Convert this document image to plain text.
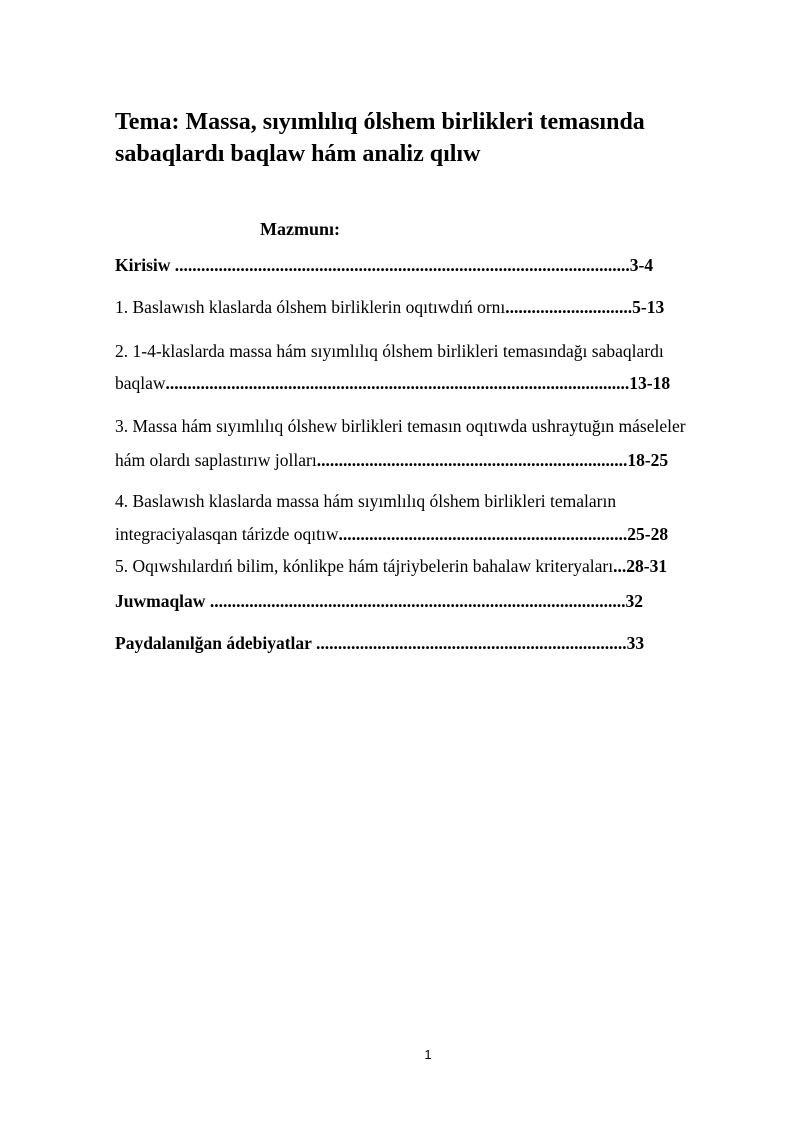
Tema: Massa, sıyımlılıq ólshem birlikleri temasında
sabaqlardı baqlaw hám analiz qılıw
Mazmunı:
Kirisiw ........................................................................................................3-4
1. Baslawısh klaslarda ólshem birliklerin oqıtıwdıń ornı.............................5-13
2. 1-4-klaslarda massa hám sıyımlılıq ólshem birlikleri temasındağı sabaqlardı
baqlaw..........................................................................................................13-18
3. Massa hám sıyımlılıq ólshew birlikleri temasın oqıtıwda ushraytuğın máseleler
hám olardı saplastırıw jolları.......................................................................18-25
4. Baslawısh klaslarda massa hám sıyımlılıq ólshem birlikleri temaların
integraciyalasqan tárizde oqıtıw..................................................................25-28
5. Oqıwshılardıń bilim, kónlikpe hám tájriybelerin bahalaw kriteryaları...28-31
Juwmaqlaw ...............................................................................................32
Paydalanılğan ádebiyatlar .......................................................................33
1
